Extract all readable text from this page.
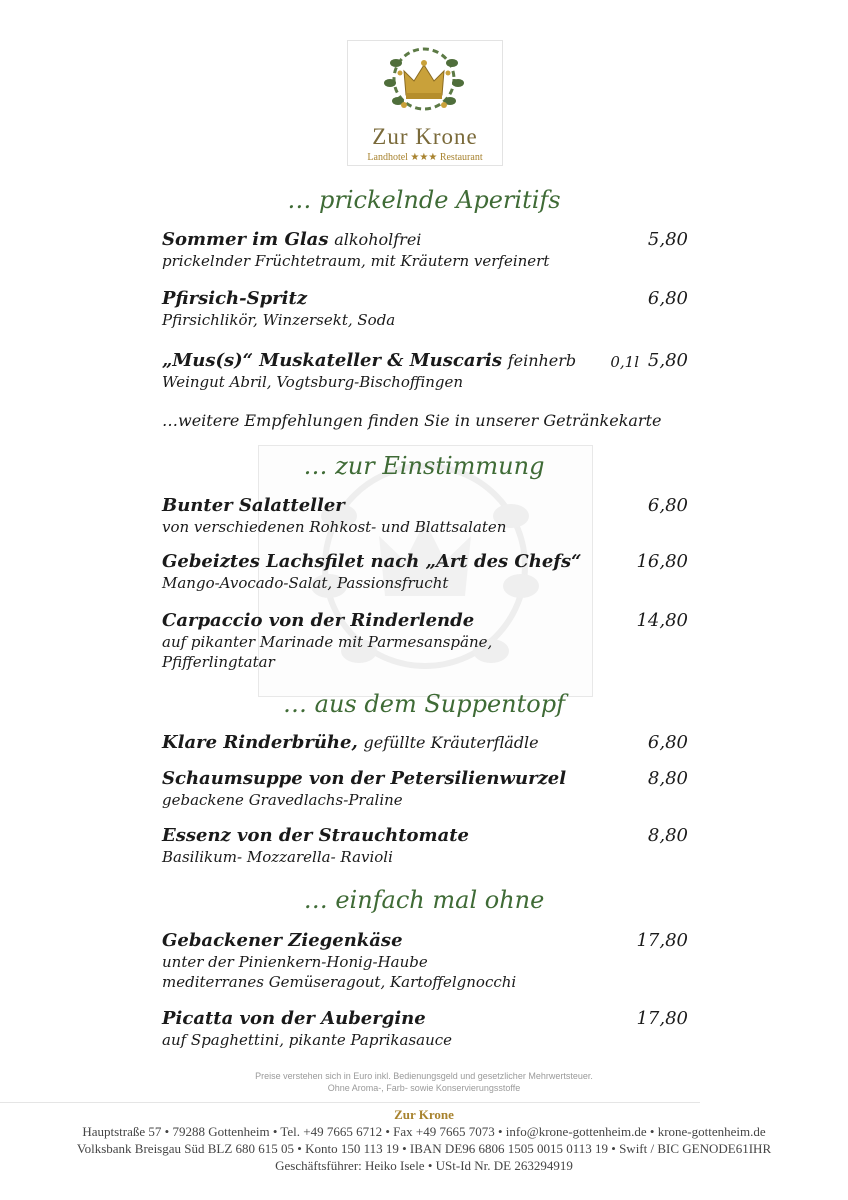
Zur Krone
Landhotel ★★★ Restaurant
… prickelnde Aperitifs
Sommer im Glas alkoholfrei	5,80
prickelnder Früchtetraum, mit Kräutern verfeinert
Pfirsich-Spritz	6,80
Pfirsichlikör, Winzersekt, Soda
„Mus(s)“ Muskateller & Muscaris feinherb 0,1l 5,80
Weingut Abril, Vogtsburg-Bischoffingen
…weitere Empfehlungen finden Sie in unserer Getränkekarte
… zur Einstimmung
Bunter Salatteller	6,80
von verschiedenen Rohkost- und Blattsalaten
Gebeiztes Lachsfilet nach „Art des Chefs“	16,80
Mango-Avocado-Salat, Passionsfrucht
Carpaccio von der Rinderlende	14,80
auf pikanter Marinade mit Parmesanspäne,
Pfifferlingtatar
… aus dem Suppentopf
Klare Rinderbrühe, gefüllte Kräuterflädle	6,80
Schaumsuppe von der Petersilienwurzel	8,80
gebackene Gravedlachs-Praline
Essenz von der Strauchtomate	8,80
Basilikum- Mozzarella- Ravioli
… einfach mal ohne
Gebackener Ziegenkäse	17,80
unter der Pinienkern-Honig-Haube
mediterranes Gemüseragout, Kartoffelgnocchi
Picatta von der Aubergine	17,80
auf Spaghettini, pikante Paprikasauce
Preise verstehen sich in Euro inkl. Bedienungsgeld und gesetzlicher Mehrwertsteuer.
Ohne Aroma-, Farb- sowie Konservierungsstoffe
Zur Krone
Hauptstraße 57 • 79288 Gottenheim • Tel. +49 7665 6712 • Fax +49 7665 7073 • info@krone-gottenheim.de • krone-gottenheim.de
Volksbank Breisgau Süd BLZ 680 615 05 • Konto 150 113 19 • IBAN DE96 6806 1505 0015 0113 19 • Swift / BIC GENODE61IHR
Geschäftsführer: Heiko Isele • USt-Id Nr. DE 263294919
